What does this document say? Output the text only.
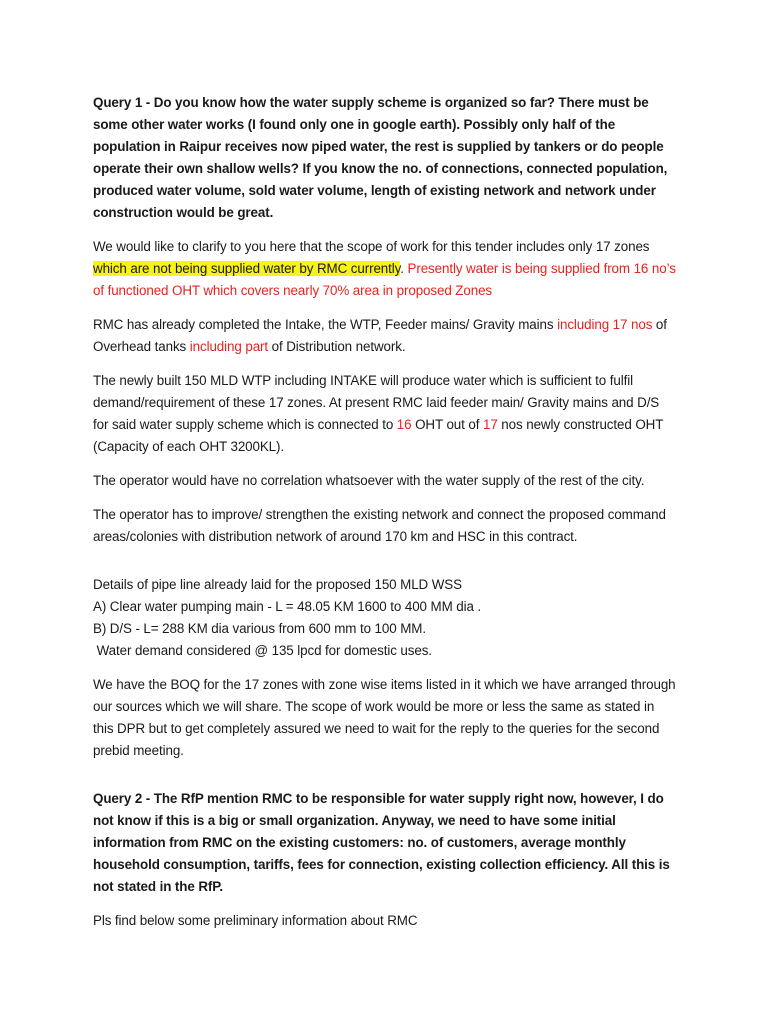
Query 1 - Do you know how the water supply scheme is organized so far? There must be some other water works (I found only one in google earth). Possibly only half of the population in Raipur receives now piped water, the rest is supplied by tankers or do people operate their own shallow wells? If you know the no. of connections, connected population, produced water volume, sold water volume, length of existing network and network under construction would be great.

We would like to clarify to you here that the scope of work for this tender includes only 17 zones which are not being supplied water by RMC currently. Presently water is being supplied from 16 no’s of functioned OHT which covers nearly 70% area in proposed Zones

RMC has already completed the Intake, the WTP, Feeder mains/ Gravity mains including 17 nos of Overhead tanks including part of Distribution network.

The newly built 150 MLD WTP including INTAKE will produce water which is sufficient to fulfil demand/requirement of these 17 zones. At present RMC laid feeder main/ Gravity mains and D/S for said water supply scheme which is connected to 16 OHT out of 17 nos newly constructed OHT (Capacity of each OHT 3200KL).

The operator would have no correlation whatsoever with the water supply of the rest of the city.

The operator has to improve/ strengthen the existing network and connect the proposed command areas/colonies with distribution network of around 170 km and HSC in this contract.

Details of pipe line already laid for the proposed 150 MLD WSS
A) Clear water pumping main - L = 48.05 KM 1600 to 400 MM dia .
B) D/S - L= 288 KM dia various from 600 mm to 100 MM.
Water demand considered @ 135 lpcd for domestic uses.

We have the BOQ for the 17 zones with zone wise items listed in it which we have arranged through our sources which we will share. The scope of work would be more or less the same as stated in this DPR but to get completely assured we need to wait for the reply to the queries for the second prebid meeting.

Query 2 - The RfP mention RMC to be responsible for water supply right now, however, I do not know if this is a big or small organization. Anyway, we need to have some initial information from RMC on the existing customers: no. of customers, average monthly household consumption, tariffs, fees for connection, existing collection efficiency. All this is not stated in the RfP.

Pls find below some preliminary information about RMC
